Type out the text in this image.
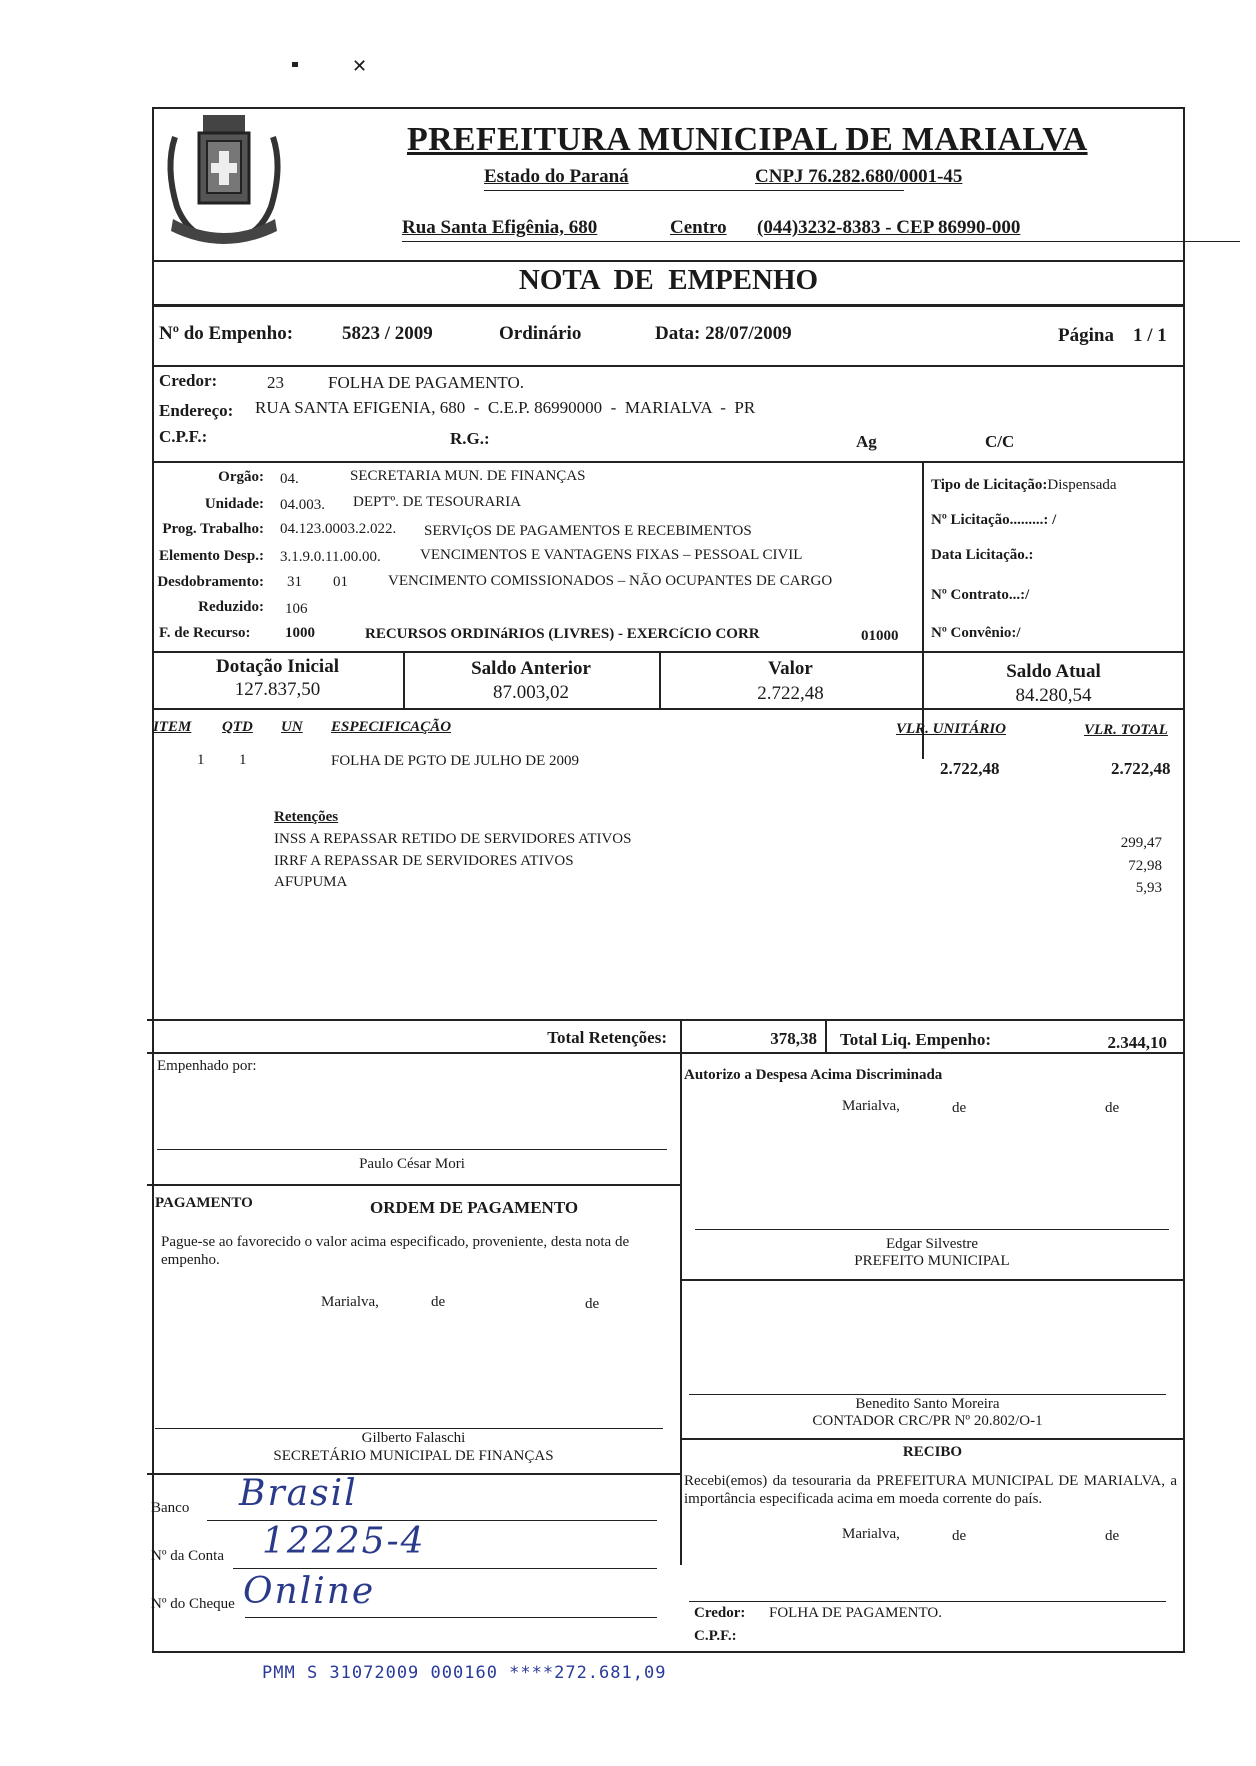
✕
PREFEITURA MUNICIPAL DE MARIALVA
Estado do Paraná	CNPJ 76.282.680/0001-45
Rua Santa Efigênia, 680	Centro (044)3232-8383 - CEP 86990-000
NOTA  DE  EMPENHO
Nº do Empenho:	5823 / 2009	Ordinário	Data: 28/07/2009	Página 1 / 1
Credor:	23	FOLHA DE PAGAMENTO.
Endereço: RUA SANTA EFIGENIA, 680  -  C.E.P. 86990000  -  MARIALVA  -  PR
C.P.F.:	R.G.:	Ag	C/C
Orgão: 04.	SECRETARIA MUN. DE FINANÇAS
Unidade: 04.003. DEPTº. DE TESOURARIA
Prog. Trabalho: 04.123.0003.2.022. SERVIçOS DE PAGAMENTOS E RECEBIMENTOS
Elemento Desp.: 3.1.9.0.11.00.00.	VENCIMENTOS E VANTAGENS FIXAS – PESSOAL CIVIL
Desdobramento: 31 01	VENCIMENTO COMISSIONADOS – NÃO OCUPANTES DE CARGO
Reduzido: 106
F. de Recurso: 1000	RECURSOS ORDINáRIOS (LIVRES) - EXERCíCIO CORR	01000
Tipo de Licitação:Dispensada
Nº Licitação.........: /
Data Licitação.:
Nº Contrato...:/
Nº Convênio:/
Dotação Inicial
127.837,50
Saldo Anterior
87.003,02
Valor
2.722,48
Saldo Atual
84.280,54
ITEM QTD UN ESPECIFICAÇÃO	VLR. UNITÁRIO	VLR. TOTAL
1 1	FOLHA DE PGTO DE JULHO DE 2009	2.722,48	2.722,48
Retenções
INSS A REPASSAR RETIDO DE SERVIDORES ATIVOS	299,47
IRRF A REPASSAR DE SERVIDORES ATIVOS	72,98
AFUPUMA	5,93
Total Retenções:	378,38 Total Liq. Empenho:	2.344,10
Empenhado por:
Paulo César Mori
Autorizo a Despesa Acima Discriminada
Marialva,	de	de
Edgar Silvestre
PREFEITO MUNICIPAL
PAGAMENTO	ORDEM DE PAGAMENTO
Pague-se ao favorecido o valor acima especificado, proveniente, desta nota de empenho.
Marialva,	de	de
Gilberto Falaschi
SECRETÁRIO MUNICIPAL DE FINANÇAS
Benedito Santo Moreira
CONTADOR CRC/PR Nº 20.802/O-1
RECIBO
Recebi(emos) da tesouraria da PREFEITURA MUNICIPAL DE MARIALVA, a importância especificada acima em moeda corrente do país.
Marialva,	de	de
Credor: FOLHA DE PAGAMENTO.
C.P.F.:
Banco Brasil
Nº da Conta 12225-4
Nº do Cheque Online
PMM S 31072009 000160 ****272.681,09
